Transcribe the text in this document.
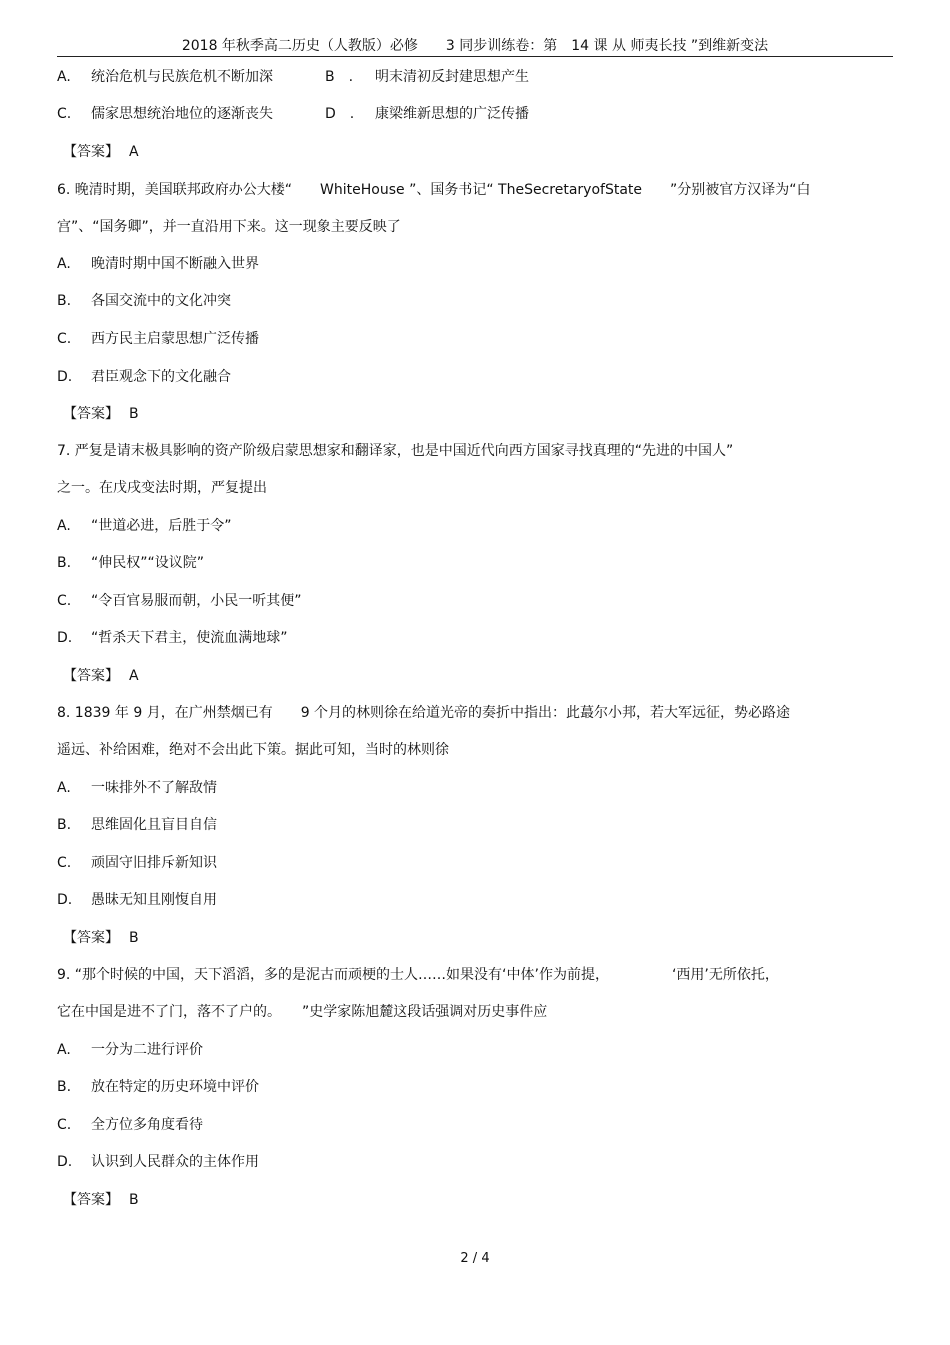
2018 年秋季高二历史（人教版）必修　　3 同步训练卷：第　14 课 从 师夷长技 ”到维新变法
A. 统治危机与民族危机不断加深	B　. 明末清初反封建思想产生
C. 儒家思想统治地位的逐渐丧失	D　. 康梁维新思想的广泛传播
【答案】 A
6. 晚清时期，美国联邦政府办公大楼“　　WhiteHouse ”、国务书记“ TheSecretaryofState　　”分别被官方汉译为“白
宫”、“国务卿”，并一直沿用下来。这一现象主要反映了
A. 晚清时期中国不断融入世界
B. 各国交流中的文化冲突
C. 西方民主启蒙思想广泛传播
D. 君臣观念下的文化融合
【答案】 B
7. 严复是请末极具影响的资产阶级启蒙思想家和翻译家，也是中国近代向西方国家寻找真理的“先进的中国人”
之一。在戊戌变法时期，严复提出
A. “世道必进，后胜于令”
B. “伸民权”“设议院”
C. “令百官易服而朝，小民一听其便”
D. “哲杀天下君主，使流血满地球”
【答案】 A
8. 1839 年 9 月，在广州禁烟已有　　9 个月的林则徐在给道光帝的奏折中指出：此蕞尔小邦，若大军远征，势必路途
遥远、补给困难，绝对不会出此下策。据此可知，当时的林则徐
A. 一味排外不了解敌情
B. 思维固化且盲目自信
C. 顽固守旧排斥新知识
D. 愚昧无知且刚愎自用
【答案】 B
9. “那个时候的中国，天下滔滔，多的是泥古而顽梗的士人……如果没有‘中体’作为前提，　　　　　‘西用’无所依托，
它在中国是进不了门，落不了户的。　　”史学家陈旭麓这段话强调对历史事件应
A. 一分为二进行评价
B. 放在特定的历史环境中评价
C. 全方位多角度看待
D. 认识到人民群众的主体作用
【答案】 B
2 / 4
